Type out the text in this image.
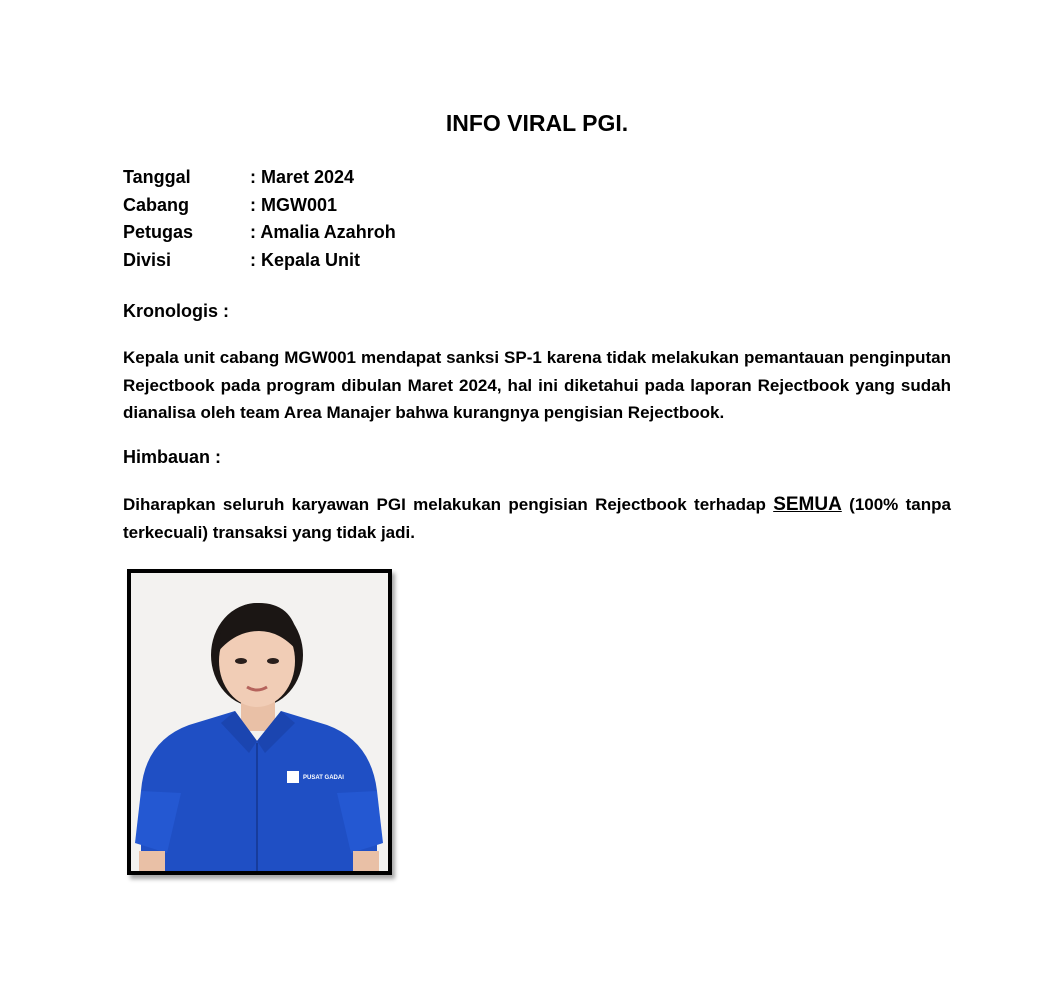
INFO VIRAL PGI.
Tanggal	: Maret 2024
Cabang	: MGW001
Petugas	: Amalia Azahroh
Divisi	: Kepala Unit
Kronologis :
Kepala unit cabang MGW001 mendapat sanksi SP-1 karena tidak melakukan pemantauan penginputan Rejectbook pada program dibulan Maret 2024, hal ini diketahui pada laporan Rejectbook yang sudah dianalisa oleh team Area Manajer bahwa kurangnya pengisian Rejectbook.
Himbauan :
Diharapkan seluruh karyawan PGI melakukan pengisian Rejectbook terhadap SEMUA (100% tanpa terkecuali) transaksi yang tidak jadi.
PUSAT GADAI
